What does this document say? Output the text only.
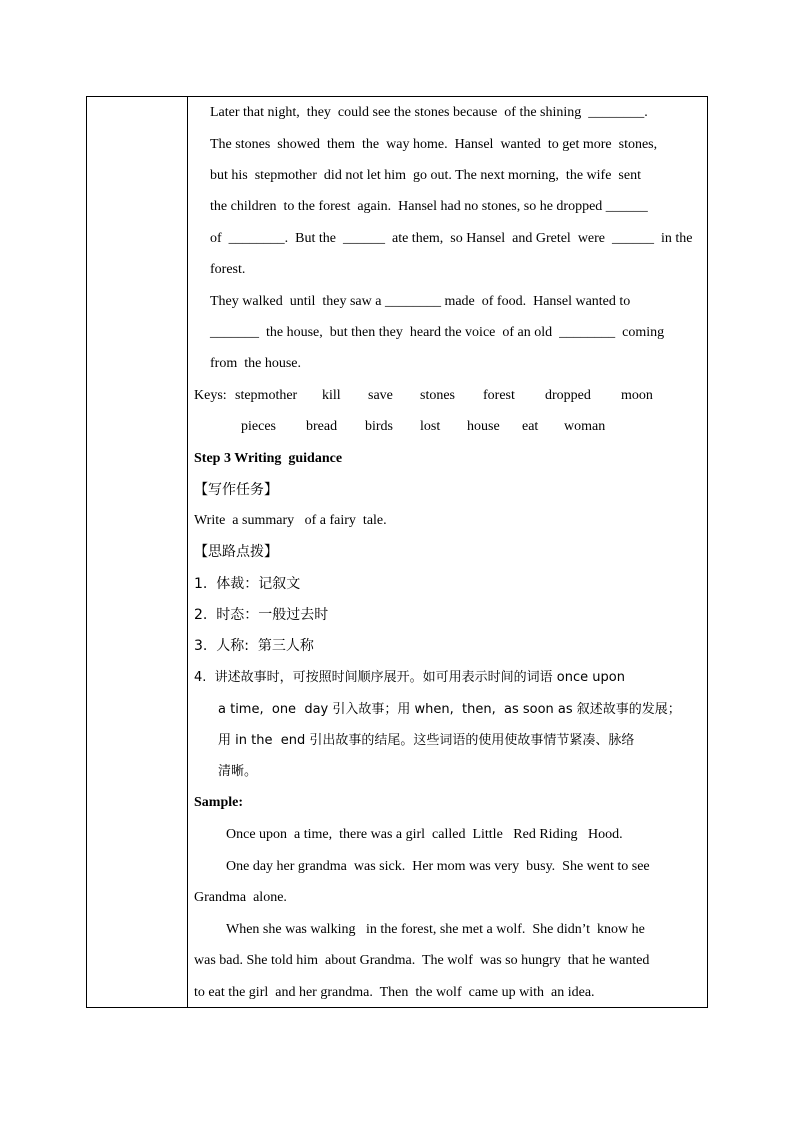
Later that night,  they  could see the stones because  of the shining  ________.
The stones  showed  them  the  way home.  Hansel  wanted  to get more  stones,
but his  stepmother  did not let him  go out. The next morning,  the wife  sent
the children  to the forest  again.  Hansel had no stones, so he dropped ______
of  ________.  But the  ______  ate them,  so Hansel  and Gretel  were  ______  in the
forest.
They walked  until  they saw a ________ made  of food.  Hansel wanted to
_______  the house,  but then they  heard the voice  of an old  ________  coming
from  the house.
Keys: stepmother kill save stones forest dropped moon
pieces bread birds lost house eat woman
Step 3 Writing  guidance
【写作任务】
Write  a summary   of a fairy  tale.
【思路点拨】
1.  体裁：记叙文
2.  时态：一般过去时
3.  人称:  第三人称
4.  讲述故事时，可按照时间顺序展开。如可用表示时间的词语 once upon
a time,  one  day 引入故事；用 when,  then,  as soon as 叙述故事的发展；
用 in the  end 引出故事的结尾。这些词语的使用使故事情节紧凑、脉络
清晰。
Sample:
Once upon  a time,  there was a girl  called  Little   Red Riding   Hood.
One day her grandma  was sick.  Her mom was very  busy.  She went to see
Grandma  alone.
When she was walking   in the forest, she met a wolf.  She didn’t  know he
was bad. She told him  about Grandma.  The wolf  was so hungry  that he wanted
to eat the girl  and her grandma.  Then  the wolf  came up with  an idea.
